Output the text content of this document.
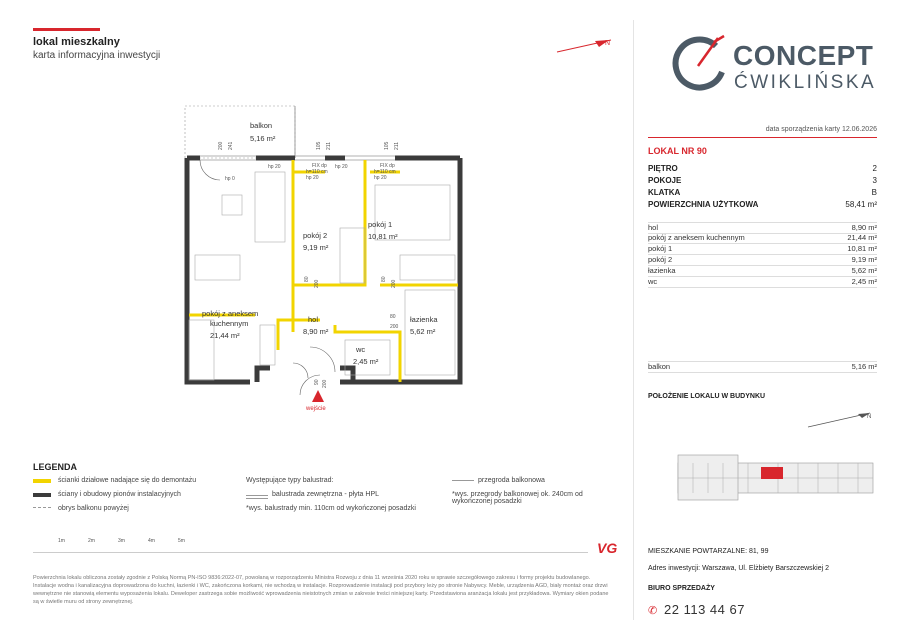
lokal mieszkalny
karta informacyjna inwestycji
N	CONCEPT
ĆWIKLIŃSKA
data sporządzenia karty 12.06.2026
LOKAL NR 90
PIĘTRO	2
POKOJE	3
KLATKA	B
POWIERZCHNIA UŻYTKOWA	58,41 m²
hol	8,90 m²
pokój z aneksem kuchennym	21,44 m²
pokój 1	10,81 m²
pokój 2	9,19 m²
łazienka	5,62 m²
wc	2,45 m²
balkon	5,16 m²
POŁOŻENIE LOKALU W BUDYNKU
N
MIESZKANIE POWTARZALNE: 81, 99
Adres inwestycji: Warszawa, Ul. Elżbiety Barszczewskiej 2
BIURO SPRZEDAŻY
✆ 22 113 44 67
balkon
5,16 m²
pokój 2
9,19 m²
pokój 1
10,81 m²
pokój z aneksem
kuchennym
21,44 m²
hol
8,90 m²
łazienka
5,62 m²
wc
2,45 m²
200 241	105 211	105 211
80
200
80
200
80
200
90 200
hp 0
FIX dp
h=110 cm
hp 20
FIX dp
h=110 cm
hp 20
hp 20	hp 20
wejście
LEGENDA
ścianki działowe nadające się do demontażu
ściany i obudowy pionów instalacyjnych
obrys balkonu powyżej
Występujące typy balustrad:
balustrada zewnętrzna - płyta HPL
*wys. balustrady min. 110cm od wykończonej posadzki
przegroda balkonowa
*wys. przegrody balkonowej ok. 240cm od wykończonej posadzki
1m	2m	3m	4m	5m	VG
Powierzchnia lokalu obliczona zostały zgodnie z Polską Normą PN-ISO 9836:2022-07, powołaną w rozporządzeniu Ministra Rozwoju z dnia 11 września 2020 roku w sprawie szczegółowego zakresu i formy projektu budowlanego. Instalacje wodna i kanalizacyjna doprowadzona do kuchni, łazienki i WC, zakończona korkami, nie wchodzą w instalacje. Rozprowadzenie instalacji pod przybory leży po stronie Nabywcy. Meble, urządzenia AGD, biały montaż oraz drzwi wewnętrzne nie stanowią elementu wyposażenia lokalu. Deweloper zastrzega sobie możliwość wprowadzenia nieistotnych zmian w zakresie treści niniejszej karty. Przedstawiona aranżacja lokalu jest przykładowa. Wymiary okien podane są w świetle muru od strony zewnętrznej.
